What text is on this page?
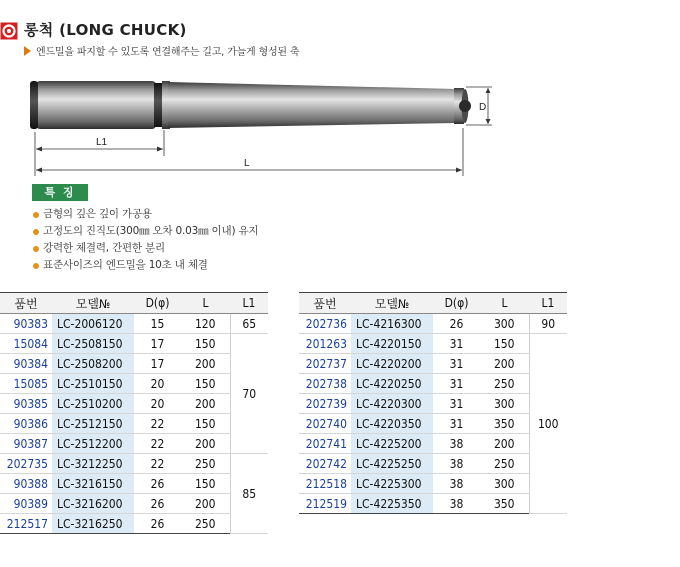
롱척 (LONG CHUCK)
엔드밀을 파지할 수 있도록 연결해주는 길고, 가늘게 형성된 축
D
L1
L
특 징
금형의 깊은 깊이 가공용
고정도의 진직도(300㎜ 오차 0.03㎜ 이내) 유지
강력한 체결력, 간편한 분리
표준사이즈의 엔드밀을 10초 내 체결
품번	모델№	D(φ)	L	L1
90383	LC-2006120	15	120	65
15084	LC-2508150	17	150	70
90384	LC-2508200	17	200	
15085	LC-2510150	20	150	
90385	LC-2510200	20	200	
90386	LC-2512150	22	150	
90387	LC-2512200	22	200	
202735	LC-3212250	22	250	85
90388	LC-3216150	26	150	
90389	LC-3216200	26	200	
212517	LC-3216250	26	250	
품번	모델№	D(φ)	L	L1
202736	LC-4216300	26	300	90
201263	LC-4220150	31	150	100
202737	LC-4220200	31	200	
202738	LC-4220250	31	250	
202739	LC-4220300	31	300	
202740	LC-4220350	31	350	
202741	LC-4225200	38	200	
202742	LC-4225250	38	250	
212518	LC-4225300	38	300	
212519	LC-4225350	38	350	
